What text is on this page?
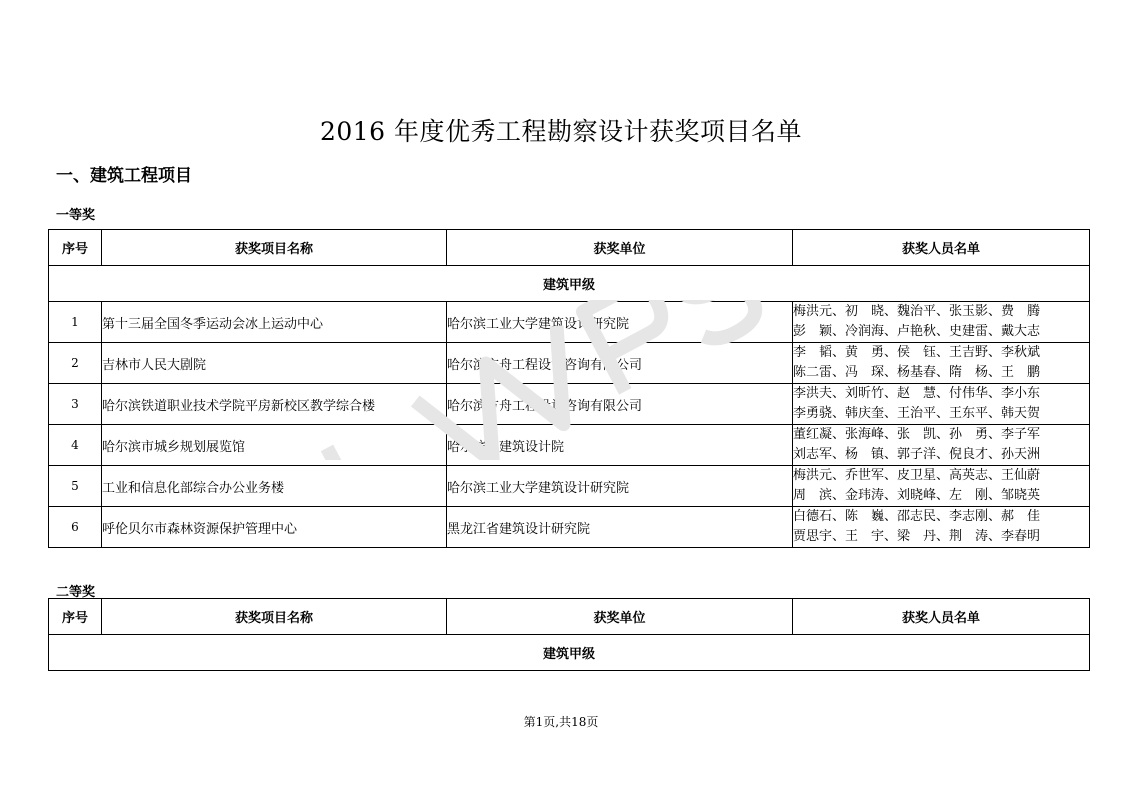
2016 年度优秀工程勘察设计获奖项目名单
一、建筑工程项目
一等奖
序号	获奖项目名称	获奖单位	获奖人员名单
建筑甲级			
1	第十三届全国冬季运动会冰上运动中心	哈尔滨工业大学建筑设计研究院	梅洪元、初　晓、魏治平、张玉影、费　腾
彭　颖、冷润海、卢艳秋、史建雷、戴大志

2	吉林市人民大剧院	哈尔滨方舟工程设计咨询有限公司	李　韬、黄　勇、侯　钰、王吉野、李秋斌
陈二雷、冯　琛、杨基春、隋　杨、王　鹏

3	哈尔滨铁道职业技术学院平房新校区教学综合楼	哈尔滨方舟工程设计咨询有限公司	李洪夫、刘昕竹、赵　慧、付伟华、李小东
李勇骁、韩庆奎、王治平、王东平、韩天贺

4	哈尔滨市城乡规划展览馆	哈尔滨市建筑设计院	董红凝、张海峰、张　凯、孙　勇、李子军
刘志军、杨　镇、郭子洋、倪良才、孙天洲

5	工业和信息化部综合办公业务楼	哈尔滨工业大学建筑设计研究院	梅洪元、乔世军、皮卫星、高英志、王仙蔚
周　滨、金玮涛、刘晓峰、左　刚、邹晓英

6	呼伦贝尔市森林资源保护管理中心	黑龙江省建筑设计研究院	白德石、陈　巍、邵志民、李志刚、郝　佳
贾思宇、王　宇、梁　丹、荆　涛、李春明
二等奖
序号	获奖项目名称	获奖单位	获奖人员名单
建筑甲级
第1页,共18页
